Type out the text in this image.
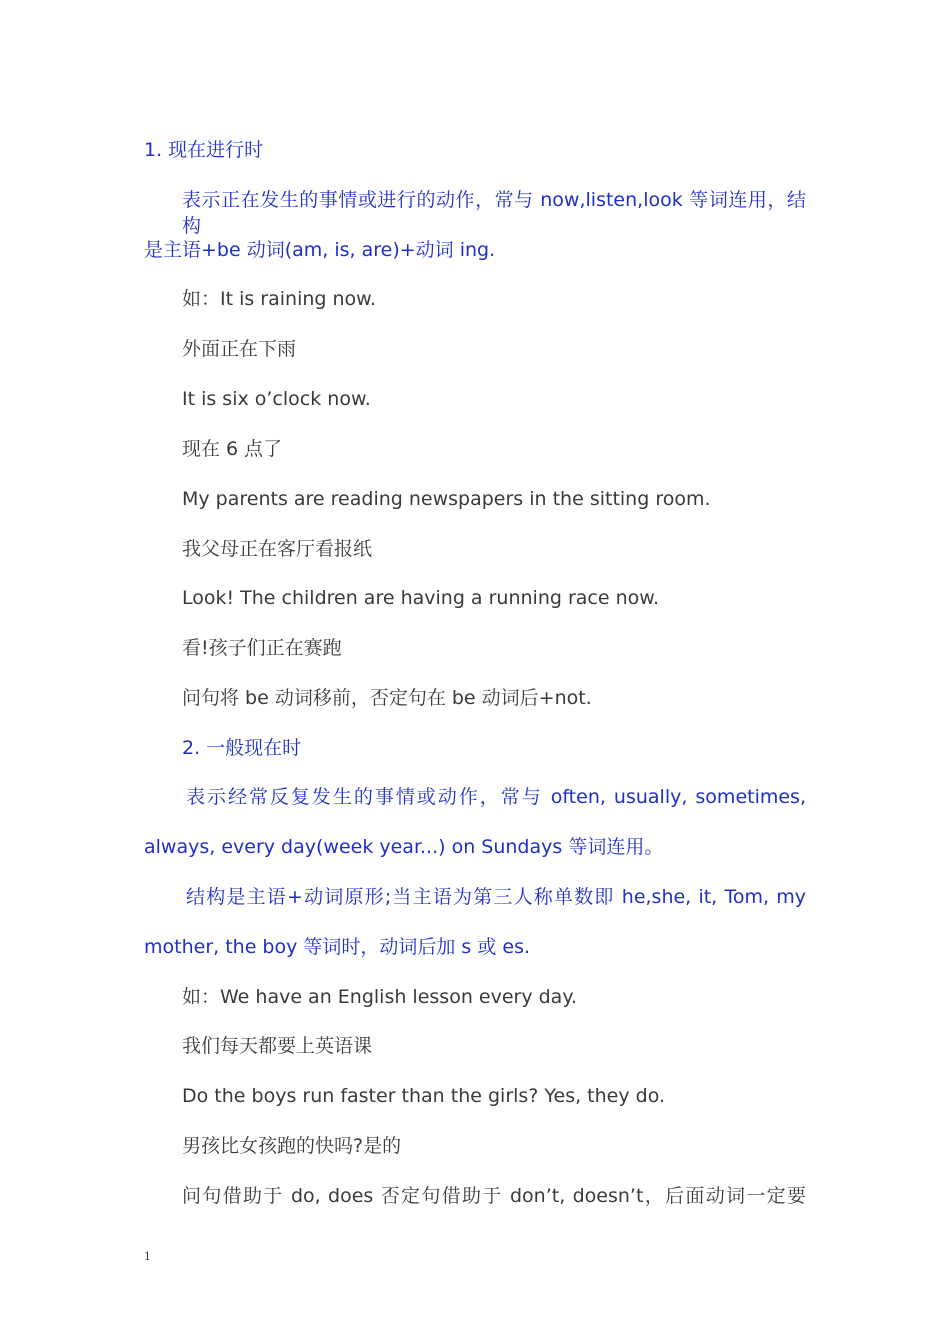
1. 现在进行时
表示正在发生的事情或进行的动作，常与 now,listen,look 等词连用，结构
是主语+be 动词(am, is, are)+动词 ing.
如：It is raining now.
外面正在下雨
It is six o’clock now.
现在 6 点了
My parents are reading newspapers in the sitting room.
我父母正在客厅看报纸
Look! The children are having a running race now.
看!孩子们正在赛跑
问句将 be 动词移前，否定句在 be 动词后+not.
2. 一般现在时
表示经常反复发生的事情或动作，常与 often, usually, sometimes,
always, every day(week year...) on Sundays 等词连用。
结构是主语+动词原形;当主语为第三人称单数即 he,she, it, Tom, my
mother, the boy 等词时，动词后加 s 或 es.
如：We have an English lesson every day.
我们每天都要上英语课
Do the boys run faster than the girls? Yes, they do.
男孩比女孩跑的快吗?是的
问句借助于 do, does 否定句借助于 don’t, doesn’t，后面动词一定要
1
